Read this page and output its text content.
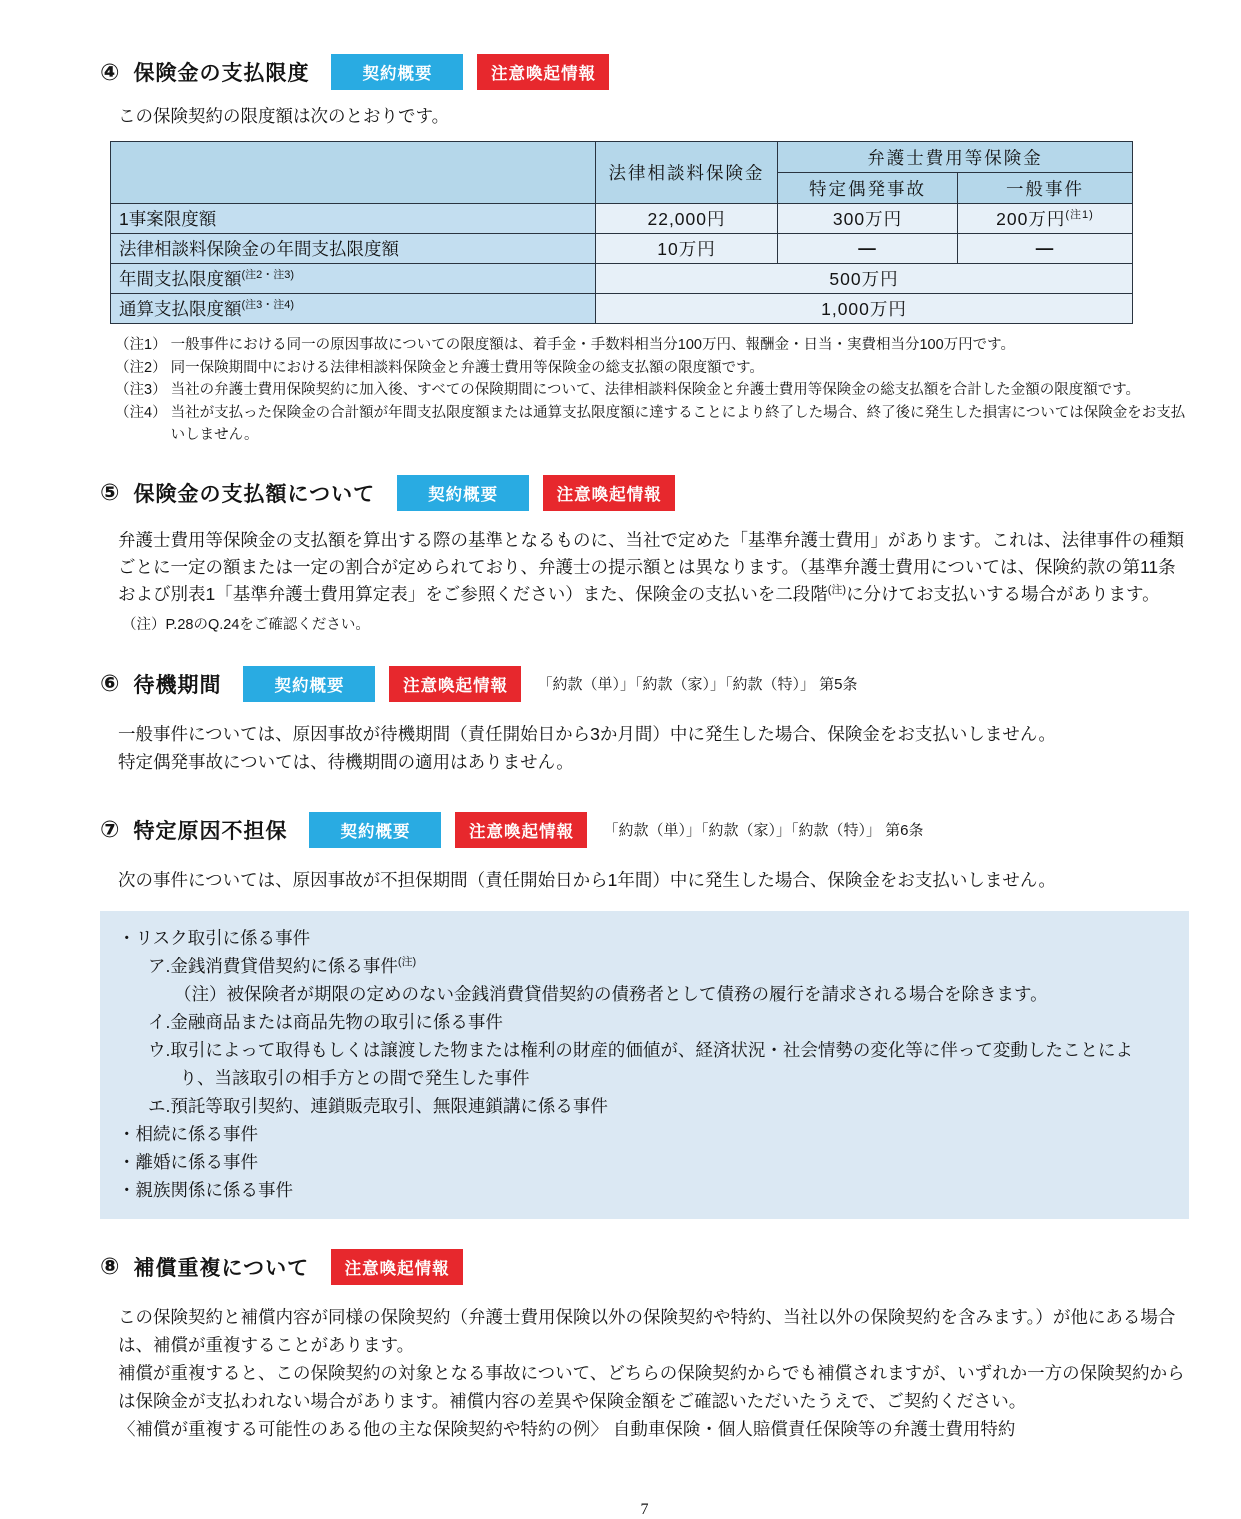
④ 保険金の支払限度	契約概要	注意喚起情報

この保険契約の限度額は次のとおりです。

	法律相談料保険金	弁護士費用等保険金	
		特定偶発事故	一般事件
1事案限度額	22,000円	300万円	200万円$^{(注1)}$
法律相談料保険金の年間支払限度額	10万円	—	—
年間支払限度額$^{(注2・注3)}$	500万円		
通算支払限度額$^{(注3・注4)}$	1,000万円		
（注1） 一般事件における同一の原因事故についての限度額は、着手金・手数料相当分100万円、報酬金・日当・実費相当分100万円です。
（注2） 同一保険期間中における法律相談料保険金と弁護士費用等保険金の総支払額の限度額です。
（注3） 当社の弁護士費用保険契約に加入後、すべての保険期間について、法律相談料保険金と弁護士費用等保険金の総支払額を合計した金額の限度額です。
（注4） 当社が支払った保険金の合計額が年間支払限度額または通算支払限度額に達することにより終了した場合、終了後に発生した損害については保険金をお支払いしません。
⑤ 保険金の支払額について	契約概要	注意喚起情報

弁護士費用等保険金の支払額を算出する際の基準となるものに、当社で定めた「基準弁護士費用」があります。これは、法律事件の種類ごとに一定の額または一定の割合が定められており、弁護士の提示額とは異なります。（基準弁護士費用については、保険約款の第11条および別表1「基準弁護士費用算定表」をご参照ください）また、保険金の支払いを二段階$^{(注)}$に分けてお支払いする場合があります。

（注）P.28のQ.24をご確認ください。

⑥ 待機期間	契約概要	注意喚起情報	「約款（単）」「約款（家）」「約款（特）」 第5条

一般事件については、原因事故が待機期間（責任開始日から3か月間）中に発生した場合、保険金をお支払いしません。

特定偶発事故については、待機期間の適用はありません。

⑦ 特定原因不担保	契約概要	注意喚起情報	「約款（単）」「約款（家）」「約款（特）」 第6条

次の事件については、原因事故が不担保期間（責任開始日から1年間）中に発生した場合、保険金をお支払いしません。

・リスク取引に係る事件
ア.金銭消費貸借契約に係る事件$^{(注)}$
（注）被保険者が期限の定めのない金銭消費貸借契約の債務者として債務の履行を請求される場合を除きます。
イ.金融商品または商品先物の取引に係る事件
ウ.取引によって取得もしくは譲渡した物または権利の財産的価値が、経済状況・社会情勢の変化等に伴って変動したことにより、当該取引の相手方との間で発生した事件
エ.預託等取引契約、連鎖販売取引、無限連鎖講に係る事件
・相続に係る事件
・離婚に係る事件
・親族関係に係る事件
⑧ 補償重複について	注意喚起情報

この保険契約と補償内容が同様の保険契約（弁護士費用保険以外の保険契約や特約、当社以外の保険契約を含みます。）が他にある場合は、補償が重複することがあります。

補償が重複すると、この保険契約の対象となる事故について、どちらの保険契約からでも補償されますが、いずれか一方の保険契約からは保険金が支払われない場合があります。補償内容の差異や保険金額をご確認いただいたうえで、ご契約ください。

〈補償が重複する可能性のある他の主な保険契約や特約の例〉 自動車保険・個人賠償責任保険等の弁護士費用特約

7
